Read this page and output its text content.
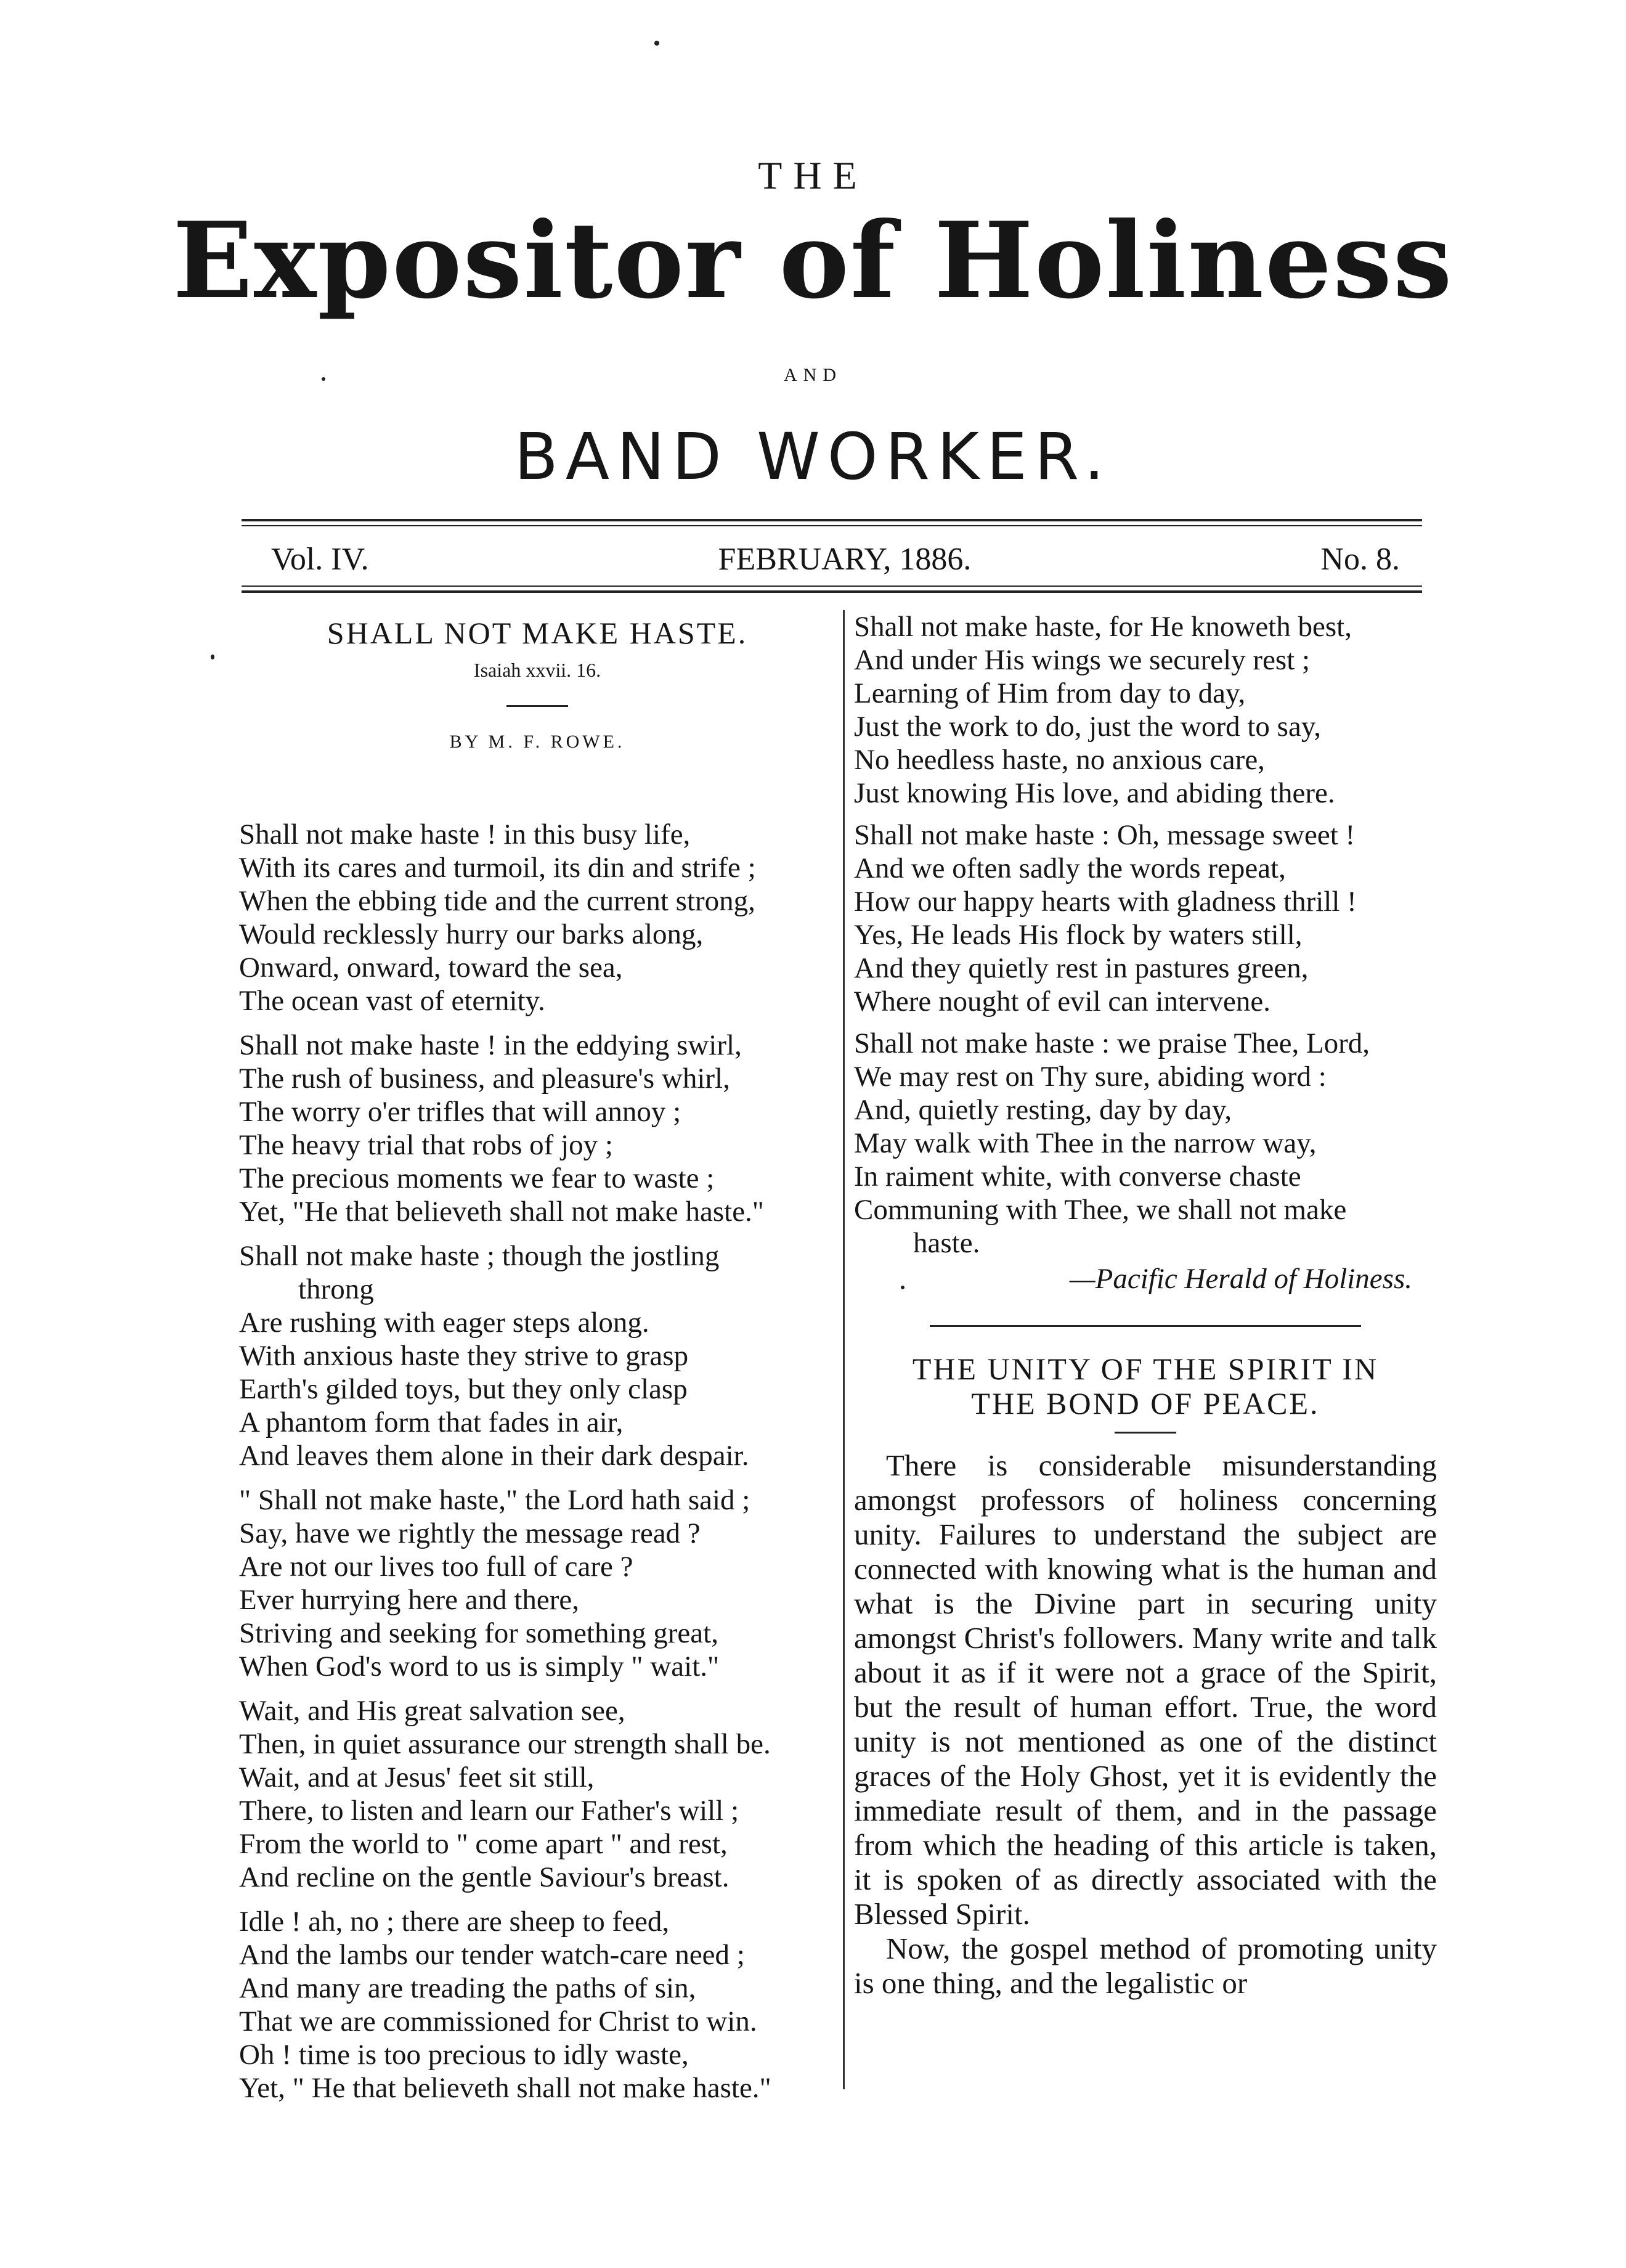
THE
Expositor of Holiness
AND
BAND WORKER.
Vol. IV.	FEBRUARY, 1886.	No. 8.
SHALL NOT MAKE HASTE.
Isaiah xxvii. 16.
BY M. F. ROWE.
Shall not make haste ! in this busy life,
With its cares and turmoil, its din and strife ;
When the ebbing tide and the current strong,
Would recklessly hurry our barks along,
Onward, onward, toward the sea,
The ocean vast of eternity.
Shall not make haste ! in the eddying swirl,
The rush of business, and pleasure's whirl,
The worry o'er trifles that will annoy ;
The heavy trial that robs of joy ;
The precious moments we fear to waste ;
Yet, "He that believeth shall not make haste."
Shall not make haste ; though the jostling
throng
Are rushing with eager steps along.
With anxious haste they strive to grasp
Earth's gilded toys, but they only clasp
A phantom form that fades in air,
And leaves them alone in their dark despair.
" Shall not make haste," the Lord hath said ;
Say, have we rightly the message read ?
Are not our lives too full of care ?
Ever hurrying here and there,
Striving and seeking for something great,
When God's word to us is simply " wait."
Wait, and His great salvation see,
Then, in quiet assurance our strength shall be.
Wait, and at Jesus' feet sit still,
There, to listen and learn our Father's will ;
From the world to " come apart " and rest,
And recline on the gentle Saviour's breast.
Idle ! ah, no ; there are sheep to feed,
And the lambs our tender watch-care need ;
And many are treading the paths of sin,
That we are commissioned for Christ to win.
Oh ! time is too precious to idly waste,
Yet, " He that believeth shall not make haste."
Shall not make haste, for He knoweth best,
And under His wings we securely rest ;
Learning of Him from day to day,
Just the work to do, just the word to say,
No heedless haste, no anxious care,
Just knowing His love, and abiding there.
Shall not make haste : Oh, message sweet !
And we often sadly the words repeat,
How our happy hearts with gladness thrill !
Yes, He leads His flock by waters still,
And they quietly rest in pastures green,
Where nought of evil can intervene.
Shall not make haste : we praise Thee, Lord,
We may rest on Thy sure, abiding word :
And, quietly resting, day by day,
May walk with Thee in the narrow way,
In raiment white, with converse chaste
Communing with Thee, we shall not make
haste.
—Pacific Herald of Holiness.
THE UNITY OF THE SPIRIT IN
THE BOND OF PEACE.

There is considerable misunderstanding amongst professors of holiness concerning unity. Failures to understand the subject are connected with knowing what is the human and what is the Divine part in securing unity amongst Christ's followers. Many write and talk about it as if it were not a grace of the Spirit, but the result of human effort. True, the word unity is not mentioned as one of the distinct graces of the Holy Ghost, yet it is evidently the immediate result of them, and in the passage from which the heading of this article is taken, it is spoken of as directly associated with the Blessed Spirit.

Now, the gospel method of promoting unity is one thing, and the legalistic or
